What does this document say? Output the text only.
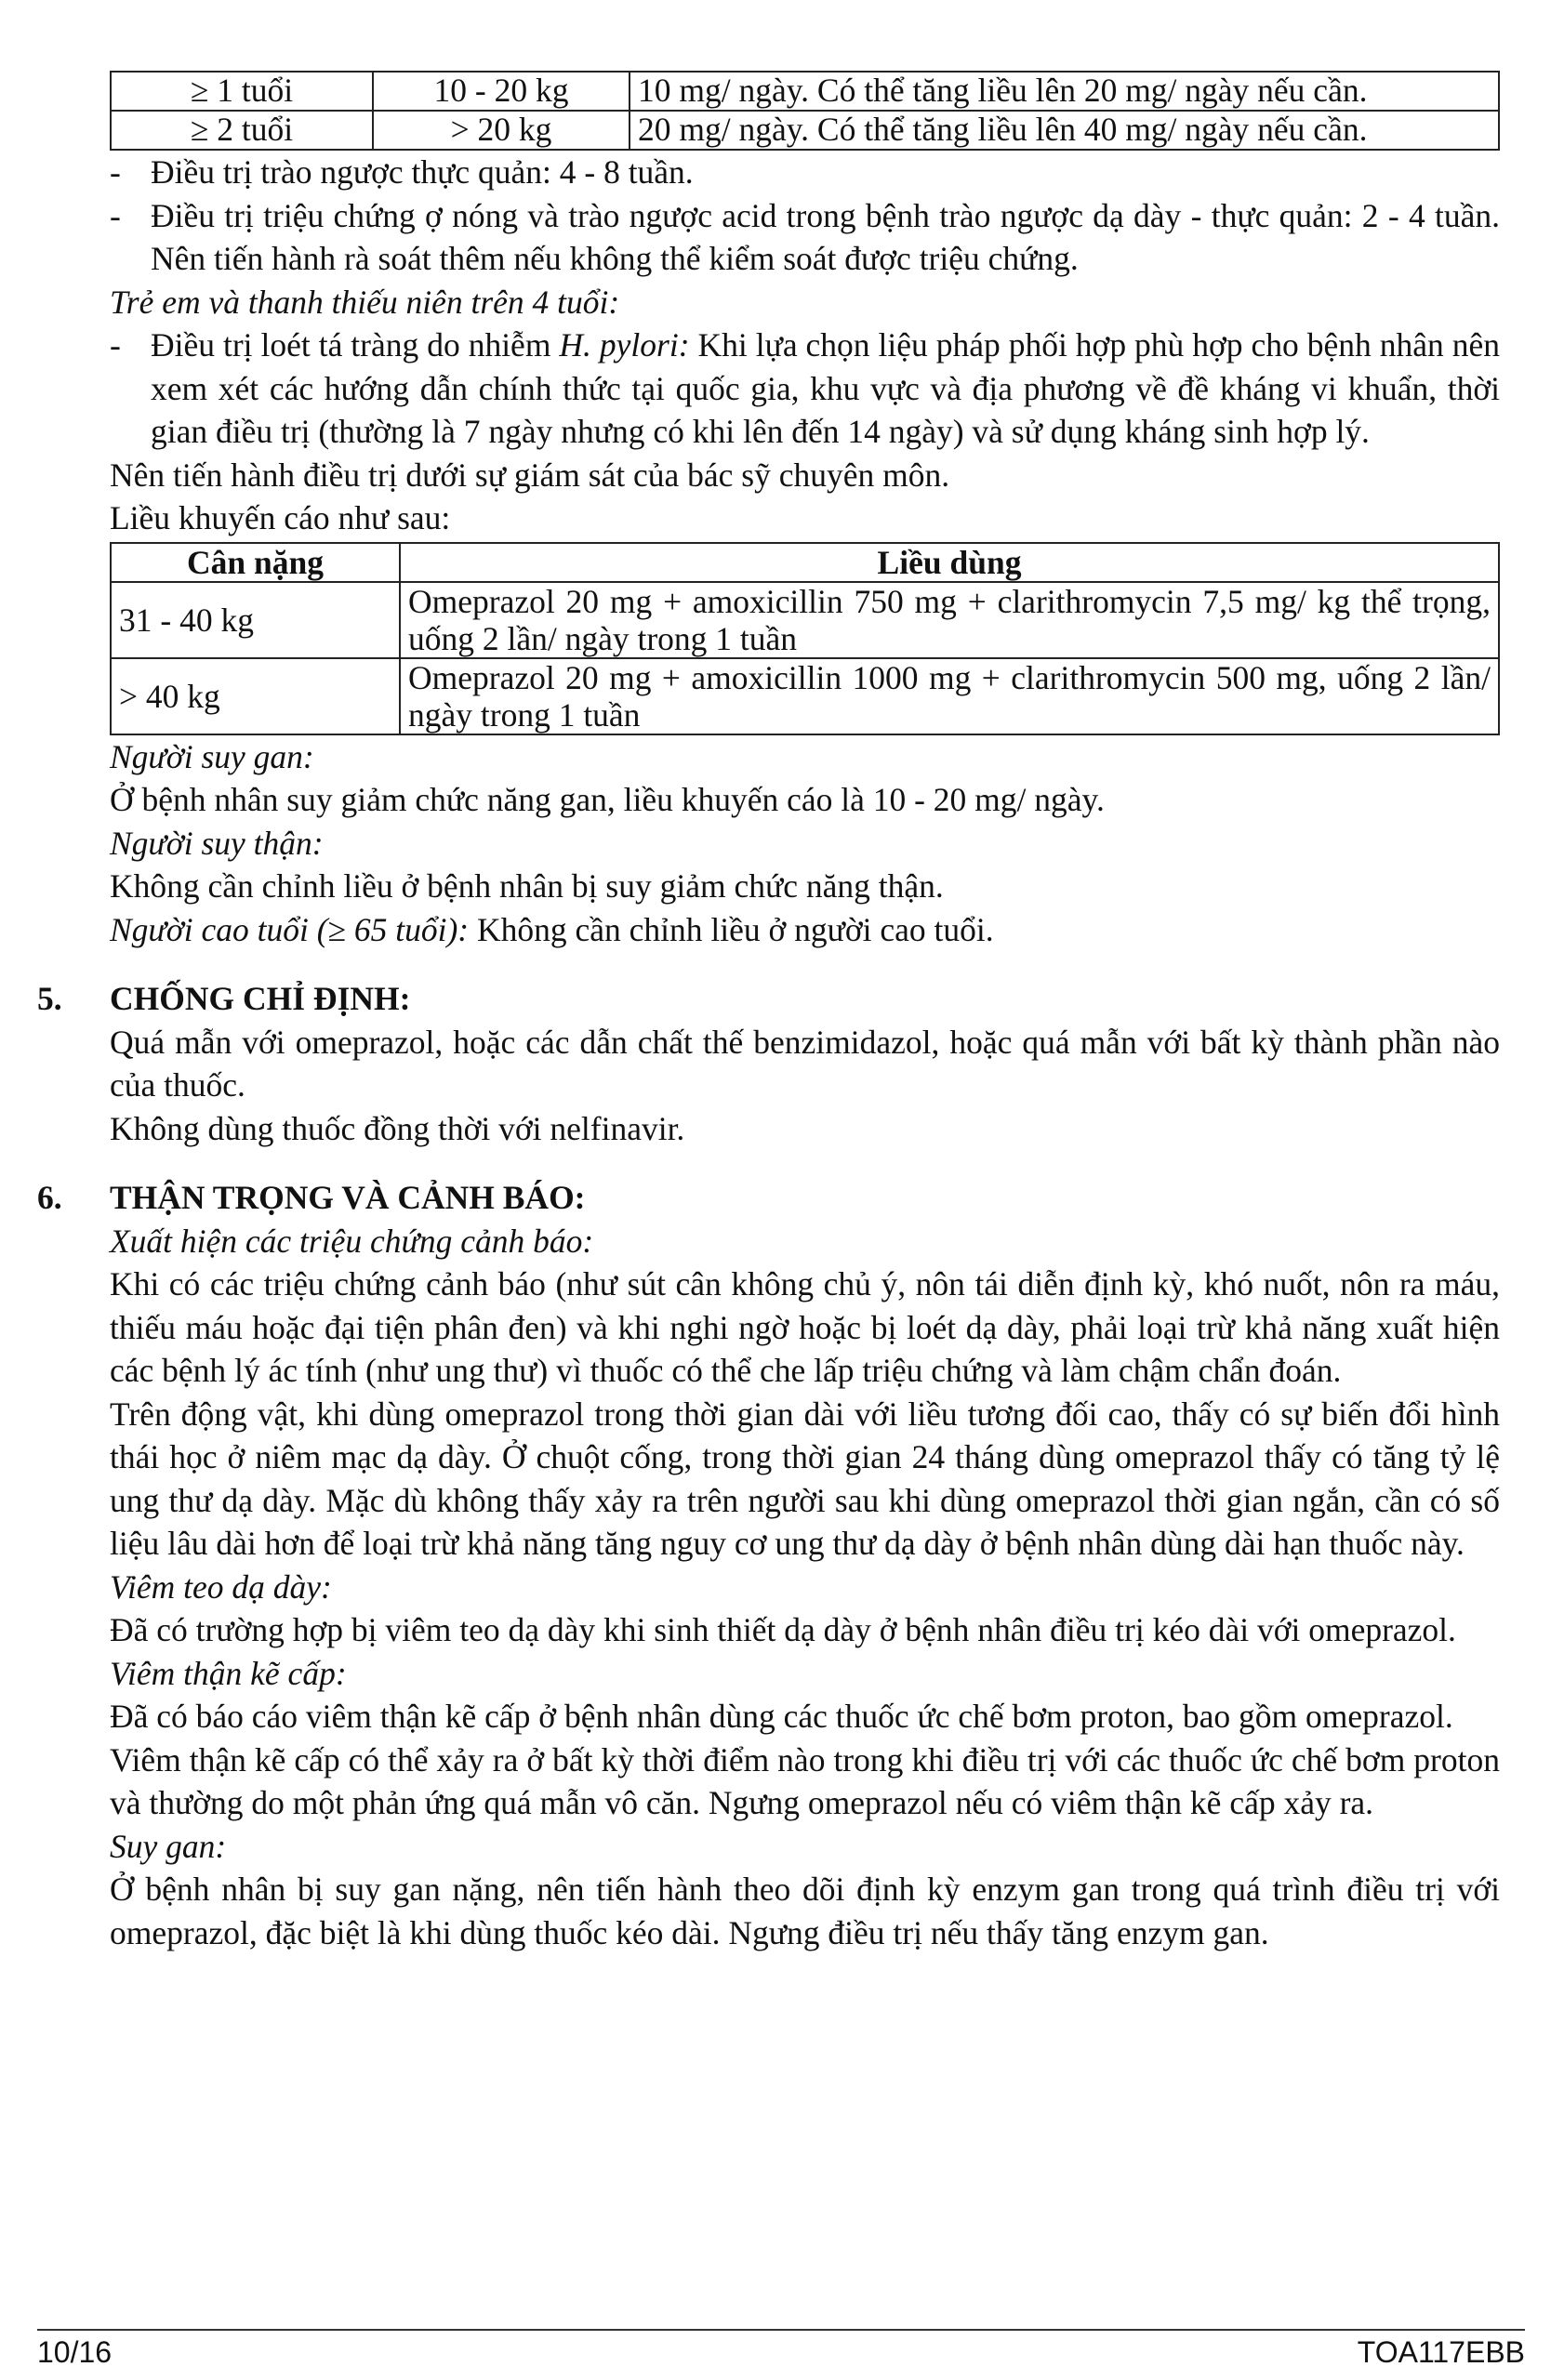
≥ 1 tuổi	10 - 20 kg	10 mg/ ngày. Có thể tăng liều lên 20 mg/ ngày nếu cần.
≥ 2 tuổi	> 20 kg	20 mg/ ngày. Có thể tăng liều lên 40 mg/ ngày nếu cần.

- Điều trị trào ngược thực quản: 4 - 8 tuần.

- Điều trị triệu chứng ợ nóng và trào ngược acid trong bệnh trào ngược dạ dày - thực quản: 2 - 4 tuần. Nên tiến hành rà soát thêm nếu không thể kiểm soát được triệu chứng.

Trẻ em và thanh thiếu niên trên 4 tuổi:

- Điều trị loét tá tràng do nhiễm H. pylori: Khi lựa chọn liệu pháp phối hợp phù hợp cho bệnh nhân nên xem xét các hướng dẫn chính thức tại quốc gia, khu vực và địa phương về đề kháng vi khuẩn, thời gian điều trị (thường là 7 ngày nhưng có khi lên đến 14 ngày) và sử dụng kháng sinh hợp lý.

Nên tiến hành điều trị dưới sự giám sát của bác sỹ chuyên môn.

Liều khuyến cáo như sau:

Cân nặng	Liều dùng
31 - 40 kg	Omeprazol 20 mg + amoxicillin 750 mg + clarithromycin 7,5 mg/ kg thể trọng, uống 2 lần/ ngày trong 1 tuần
> 40 kg	Omeprazol 20 mg + amoxicillin 1000 mg + clarithromycin 500 mg, uống 2 lần/ ngày trong 1 tuần

Người suy gan:

Ở bệnh nhân suy giảm chức năng gan, liều khuyến cáo là 10 - 20 mg/ ngày.

Người suy thận:

Không cần chỉnh liều ở bệnh nhân bị suy giảm chức năng thận.

Người cao tuổi (≥ 65 tuổi): Không cần chỉnh liều ở người cao tuổi.

5. CHỐNG CHỈ ĐỊNH:

Quá mẫn với omeprazol, hoặc các dẫn chất thế benzimidazol, hoặc quá mẫn với bất kỳ thành phần nào của thuốc.

Không dùng thuốc đồng thời với nelfinavir.

6. THẬN TRỌNG VÀ CẢNH BÁO:

Xuất hiện các triệu chứng cảnh báo:

Khi có các triệu chứng cảnh báo (như sút cân không chủ ý, nôn tái diễn định kỳ, khó nuốt, nôn ra máu, thiếu máu hoặc đại tiện phân đen) và khi nghi ngờ hoặc bị loét dạ dày, phải loại trừ khả năng xuất hiện các bệnh lý ác tính (như ung thư) vì thuốc có thể che lấp triệu chứng và làm chậm chẩn đoán.

Trên động vật, khi dùng omeprazol trong thời gian dài với liều tương đối cao, thấy có sự biến đổi hình thái học ở niêm mạc dạ dày. Ở chuột cống, trong thời gian 24 tháng dùng omeprazol thấy có tăng tỷ lệ ung thư dạ dày. Mặc dù không thấy xảy ra trên người sau khi dùng omeprazol thời gian ngắn, cần có số liệu lâu dài hơn để loại trừ khả năng tăng nguy cơ ung thư dạ dày ở bệnh nhân dùng dài hạn thuốc này.

Viêm teo dạ dày:

Đã có trường hợp bị viêm teo dạ dày khi sinh thiết dạ dày ở bệnh nhân điều trị kéo dài với omeprazol.

Viêm thận kẽ cấp:

Đã có báo cáo viêm thận kẽ cấp ở bệnh nhân dùng các thuốc ức chế bơm proton, bao gồm omeprazol.

Viêm thận kẽ cấp có thể xảy ra ở bất kỳ thời điểm nào trong khi điều trị với các thuốc ức chế bơm proton và thường do một phản ứng quá mẫn vô căn. Ngưng omeprazol nếu có viêm thận kẽ cấp xảy ra.

Suy gan:

Ở bệnh nhân bị suy gan nặng, nên tiến hành theo dõi định kỳ enzym gan trong quá trình điều trị với omeprazol, đặc biệt là khi dùng thuốc kéo dài. Ngưng điều trị nếu thấy tăng enzym gan.

10/16	TOA117EBB
